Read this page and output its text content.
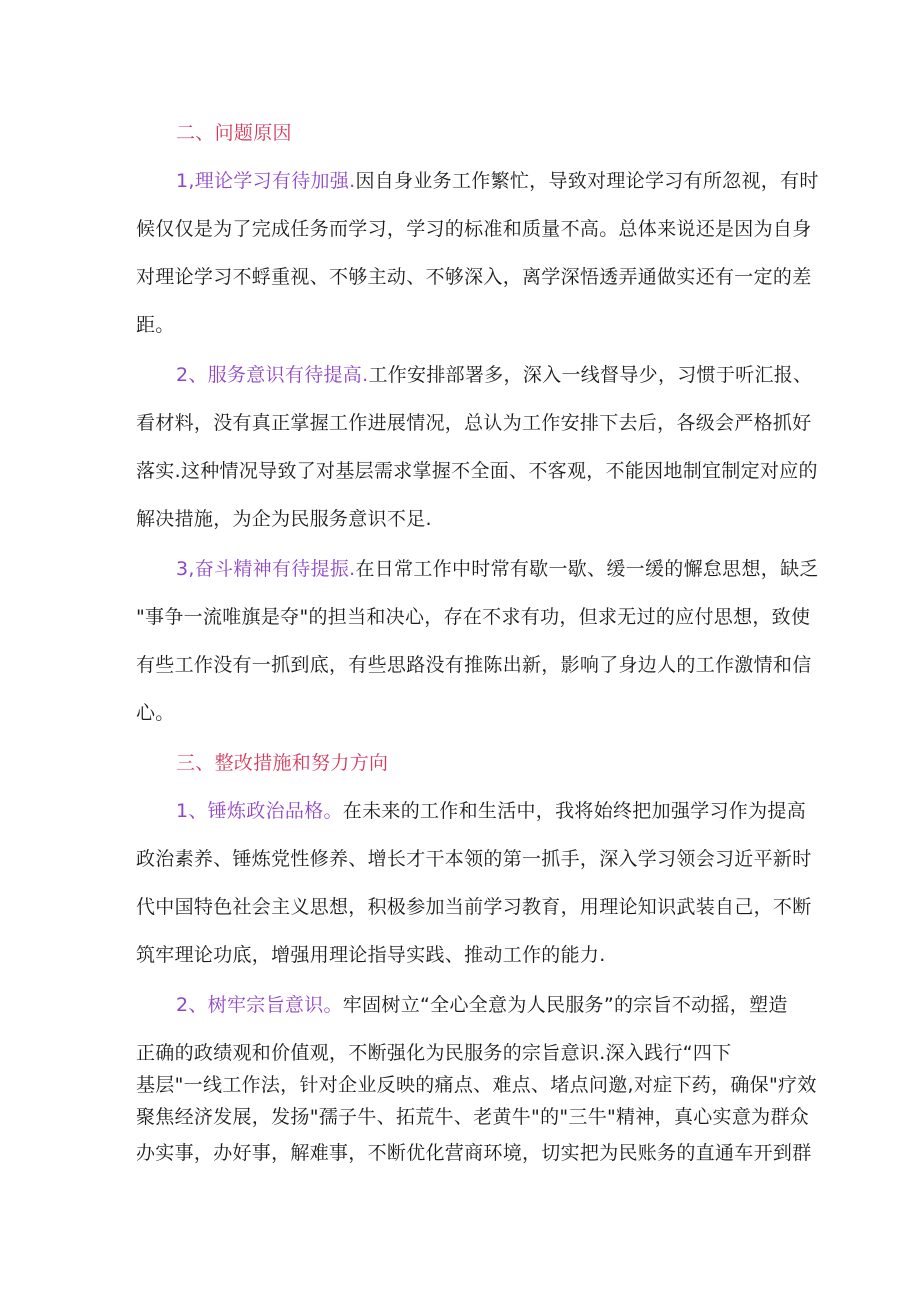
二、问题原因
1,理论学习有待加强.因自身业务工作繁忙，导致对理论学习有所忽视，有时
候仅仅是为了完成任务而学习，学习的标准和质量不高。总体来说还是因为自身
对理论学习不蜉重视、不够主动、不够深入，离学深悟透弄通做实还有一定的差
距。
2、服务意识有待提高.工作安排部署多，深入一线督导少，习惯于听汇报、
看材料，没有真正掌握工作进展情况，总认为工作安排下去后，各级会严格抓好
落实.这种情况导致了对基层需求掌握不全面、不客观，不能因地制宜制定对应的
解决措施，为企为民服务意识不足.
3,奋斗精神有待提振.在日常工作中时常有歇一歇、缓一缓的懈怠思想，缺乏
"事争一流唯旗是夺"的担当和决心，存在不求有功，但求无过的应付思想，致使
有些工作没有一抓到底，有些思路没有推陈出新，影响了身边人的工作激情和信
心。
三、整改措施和努力方向
1、锤炼政治品格。在未来的工作和生活中，我将始终把加强学习作为提高
政治素养、锤炼党性修养、增长才干本领的第一抓手，深入学习领会习近平新时
代中国特色社会主义思想，积极参加当前学习教育，用理论知识武装自己，不断
筑牢理论功底，增强用理论指导实践、推动工作的能力.
2、树牢宗旨意识。牢固树立“全心全意为人民服务”的宗旨不动摇，塑造
正确的政绩观和价值观，不断强化为民服务的宗旨意识.深入践行“四下
基层"一线工作法，针对企业反映的痛点、难点、堵点问邀,对症下药，确保"疗效
聚焦经济发展，发扬"孺子牛、拓荒牛、老黄牛"的"三牛"精神，真心实意为群众
办实事，办好事，解难事，不断优化营商环境，切实把为民账务的直通车开到群
